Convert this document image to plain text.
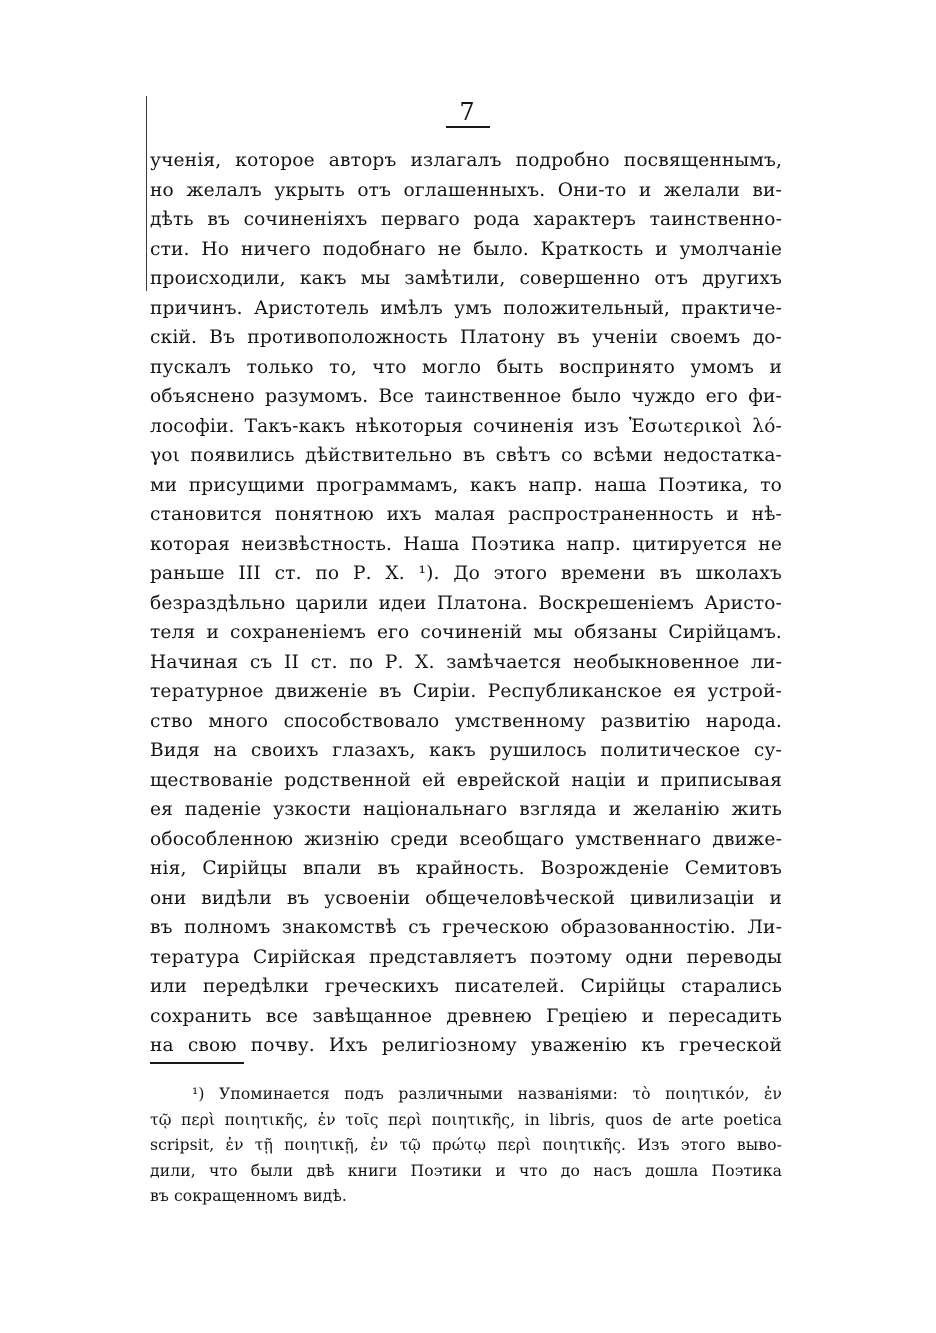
7
ученія, которое авторъ излагалъ подробно посвященнымъ,
но желалъ укрыть отъ оглашенныхъ. Они-то и желали ви-
дѣть въ сочиненіяхъ перваго рода характеръ таинственно-
сти. Но ничего подобнаго не было. Краткость и умолчаніе
происходили, какъ мы замѣтили, совершенно отъ другихъ
причинъ. Аристотель имѣлъ умъ положительный, практиче-
скій. Въ противоположность Платону въ ученіи своемъ до-
пускалъ только то, что могло быть воспринято умомъ и
объяснено разумомъ. Все таинственное было чуждо его фи-
лософіи. Такъ-какъ нѣкоторыя сочиненія изъ Ἐσωτερικοὶ λό-
γοι появились дѣйствительно въ свѣтъ со всѣми недостатка-
ми присущими программамъ, какъ напр. наша Поэтика, то
становится понятною ихъ малая распространенность и нѣ-
которая неизвѣстность. Наша Поэтика напр. цитируется не
раньше III ст. по Р. Х. ¹). До этого времени въ школахъ
безраздѣльно царили идеи Платона. Воскрешеніемъ Аристо-
теля и сохраненіемъ его сочиненій мы обязаны Сирійцамъ.
Начиная съ II ст. по Р. Х. замѣчается необыкновенное ли-
тературное движеніе въ Сиріи. Республиканское ея устрой-
ство много способствовало умственному развитію народа.
Видя на своихъ глазахъ, какъ рушилось политическое су-
ществованіе родственной ей еврейской націи и приписывая
ея паденіе узкости національнаго взгляда и желанію жить
обособленною жизнію среди всеобщаго умственнаго движе-
нія, Сирійцы впали въ крайность. Возрожденіе Семитовъ
они видѣли въ усвоеніи общечеловѣческой цивилизаціи и
въ полномъ знакомствѣ съ греческою образованностію. Ли-
тература Сирійская представляетъ поэтому одни переводы
или передѣлки греческихъ писателей. Сирійцы старались
сохранить все завѣщанное древнею Греціею и пересадить
на свою почву. Ихъ религіозному уваженію къ греческой
¹) Упоминается подъ различными названіями: τὸ ποιητικόν, ἐν
τῷ περὶ ποιητικῆς, ἐν τοῖς περὶ ποιητικῆς, in libris, quos de arte poetica
scripsit, ἐν τῇ ποιητικῇ, ἐν τῷ πρώτῳ περὶ ποιητικῆς. Изъ этого выво-
дили, что были двѣ книги Поэтики и что до насъ дошла Поэтика
въ сокращенномъ видѣ.
